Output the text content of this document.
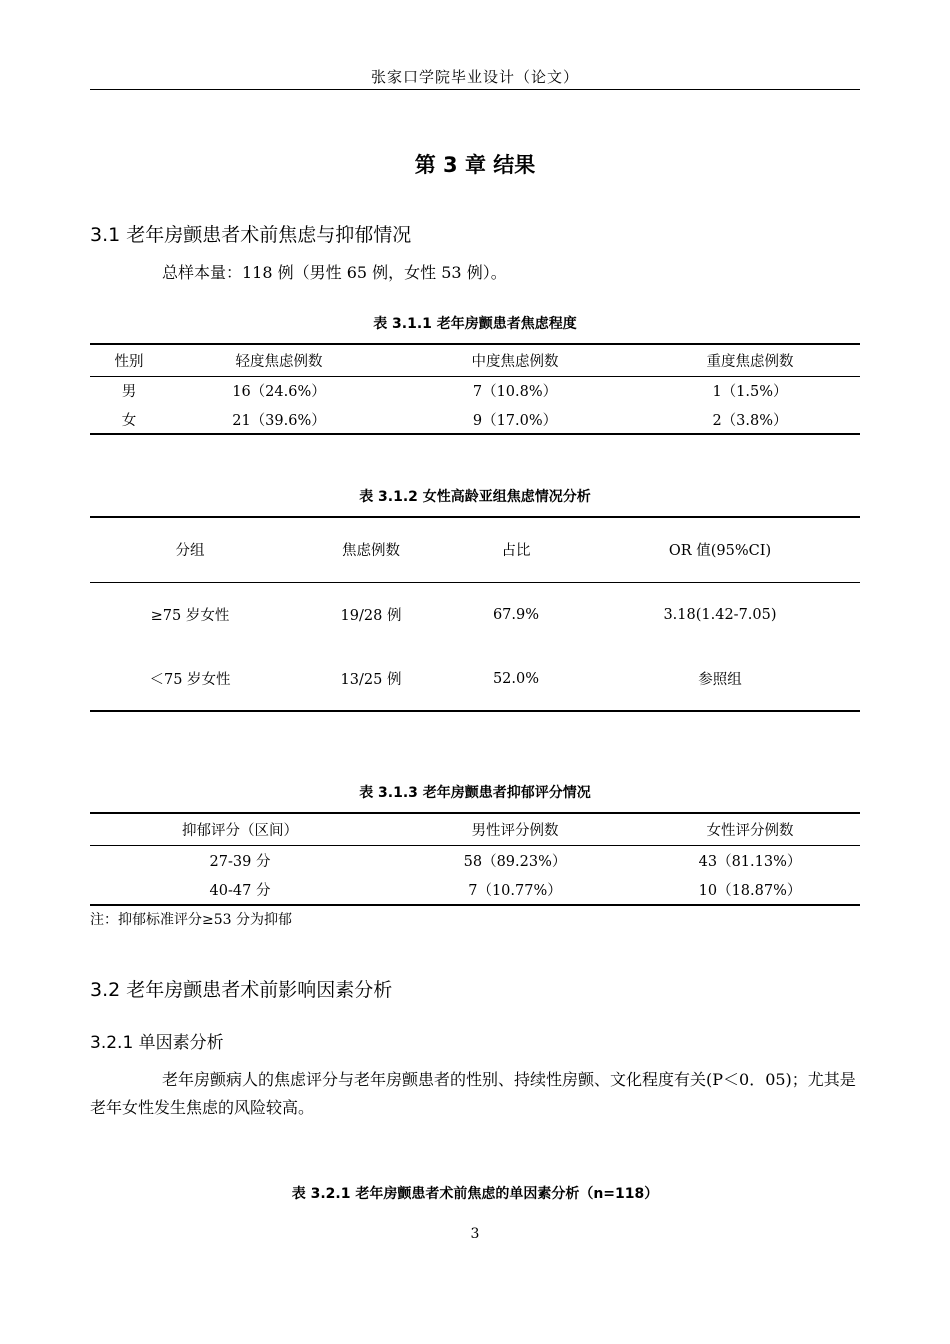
张家口学院毕业设计（论文）
第 3 章 结果
3.1 老年房颤患者术前焦虑与抑郁情况
总样本量：118 例（男性 65 例，女性 53 例）。
表 3.1.1 老年房颤患者焦虑程度
性别	轻度焦虑例数	中度焦虑例数	重度焦虑例数
男	16（24.6%）	7（10.8%）	1（1.5%）
女	21（39.6%）	9（17.0%）	2（3.8%）
表 3.1.2 女性高龄亚组焦虑情况分析
分组	焦虑例数	占比	OR 值(95%CI)
≥75 岁女性	19/28 例	67.9%	3.18(1.42-7.05)
＜75 岁女性	13/25 例	52.0%	参照组
表 3.1.3 老年房颤患者抑郁评分情况
抑郁评分（区间）	男性评分例数	女性评分例数
27-39 分	58（89.23%）	43（81.13%）
40-47 分	7（10.77%）	10（18.87%）
注：抑郁标准评分≥53 分为抑郁
3.2 老年房颤患者术前影响因素分析
3.2.1 单因素分析
老年房颤病人的焦虑评分与老年房颤患者的性别、持续性房颤、文化程度有关(P＜0．05)；尤其是老年女性发生焦虑的风险较高。
表 3.2.1 老年房颤患者术前焦虑的单因素分析（n=118）
3
